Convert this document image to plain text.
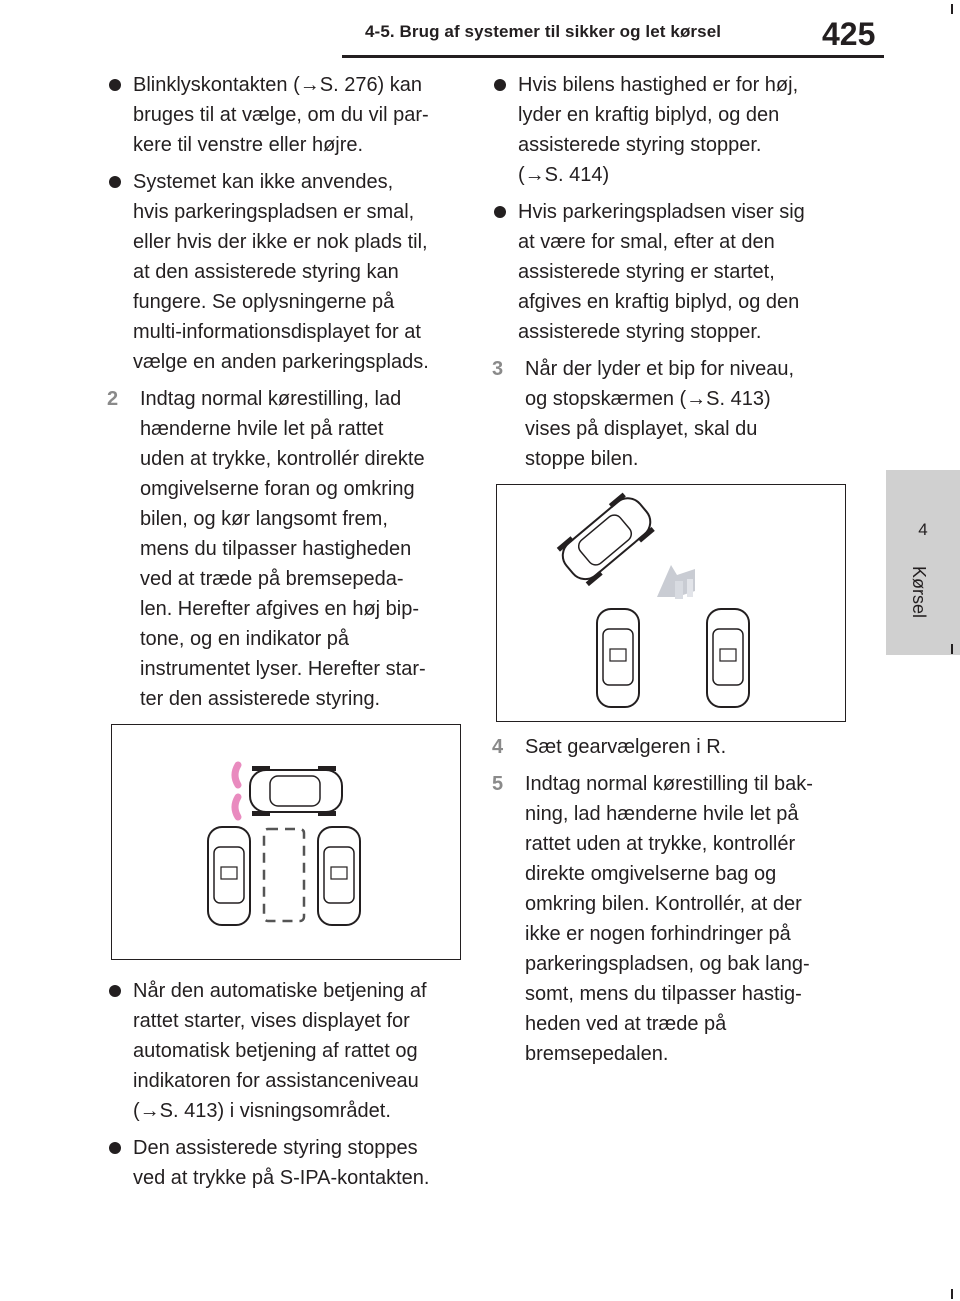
4-5. Brug af systemer til sikker og let kørsel	425
4
Kørsel
Blinklyskontakten (→S. 276) kan
bruges til at vælge, om du vil par-
kere til venstre eller højre.
Systemet kan ikke anvendes,
hvis parkeringspladsen er smal,
eller hvis der ikke er nok plads til,
at den assisterede styring kan
fungere. Se oplysningerne på
multi-informationsdisplayet for at
vælge en anden parkeringsplads.
2 Indtag normal kørestilling, lad
hænderne hvile let på rattet
uden at trykke, kontrollér direkte
omgivelserne foran og omkring
bilen, og kør langsomt frem,
mens du tilpasser hastigheden
ved at træde på bremsepeda-
len. Herefter afgives en høj bip-
tone, og en indikator på
instrumentet lyser. Herefter star-
ter den assisterede styring.
Når den automatiske betjening af
rattet starter, vises displayet for
automatisk betjening af rattet og
indikatoren for assistanceniveau
(→S. 413) i visningsområdet.
Den assisterede styring stoppes
ved at trykke på S-IPA-kontakten.
Hvis bilens hastighed er for høj,
lyder en kraftig biplyd, og den
assisterede styring stopper.
(→S. 414)
Hvis parkeringspladsen viser sig
at være for smal, efter at den
assisterede styring er startet,
afgives en kraftig biplyd, og den
assisterede styring stopper.
3 Når der lyder et bip for niveau,
og stopskærmen (→S. 413)
vises på displayet, skal du
stoppe bilen.
4 Sæt gearvælgeren i R.
5 Indtag normal kørestilling til bak-
ning, lad hænderne hvile let på
rattet uden at trykke, kontrollér
direkte omgivelserne bag og
omkring bilen. Kontrollér, at der
ikke er nogen forhindringer på
parkeringspladsen, og bak lang-
somt, mens du tilpasser hastig-
heden ved at træde på
bremsepedalen.
